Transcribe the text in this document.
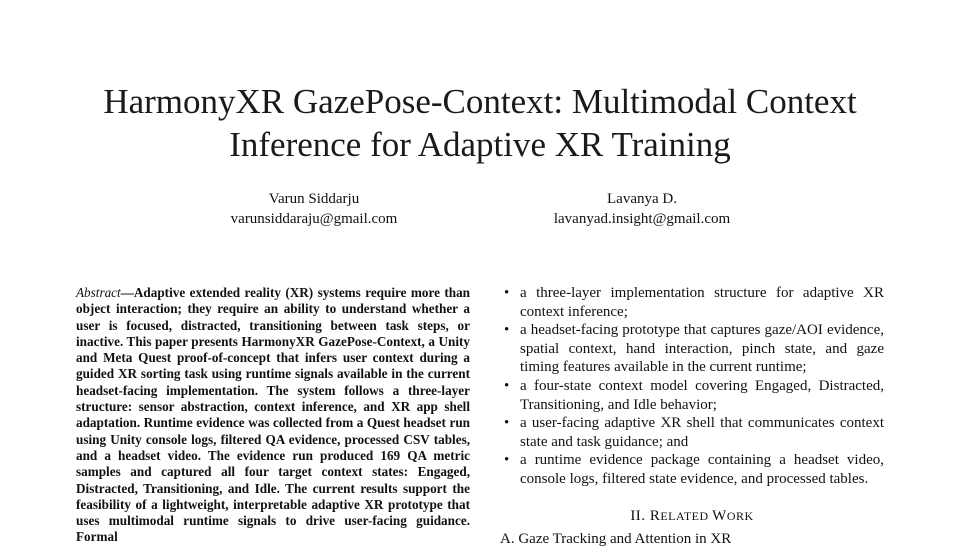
HarmonyXR GazePose-Context: Multimodal Context Inference for Adaptive XR Training
Varun Siddarju
varunsiddaraju@gmail.com
Lavanya D.
lavanyad.insight@gmail.com
Abstract—Adaptive extended reality (XR) systems require more than object interaction; they require an ability to understand whether a user is focused, distracted, transitioning between task steps, or inactive. This paper presents HarmonyXR GazePose-Context, a Unity and Meta Quest proof-of-concept that infers user context during a guided XR sorting task using runtime signals available in the current headset-facing implementation. The system follows a three-layer structure: sensor abstraction, context inference, and XR app shell adaptation. Runtime evidence was collected from a Quest headset run using Unity console logs, filtered QA evidence, processed CSV tables, and a headset video. The evidence run produced 169 QA metric samples and captured all four target context states: Engaged, Distracted, Transitioning, and Idle. The current results support the feasibility of a lightweight, interpretable adaptive XR prototype that uses multimodal runtime signals to drive user-facing guidance. Formal
• a three-layer implementation structure for adaptive XR context inference;
• a headset-facing prototype that captures gaze/AOI evidence, spatial context, hand interaction, pinch state, and gaze timing features available in the current runtime;
• a four-state context model covering Engaged, Distracted, Transitioning, and Idle behavior;
• a user-facing adaptive XR shell that communicates context state and task guidance; and
• a runtime evidence package containing a headset video, console logs, filtered state evidence, and processed tables.
II. RELATED WORK
A. Gaze Tracking and Attention in XR
